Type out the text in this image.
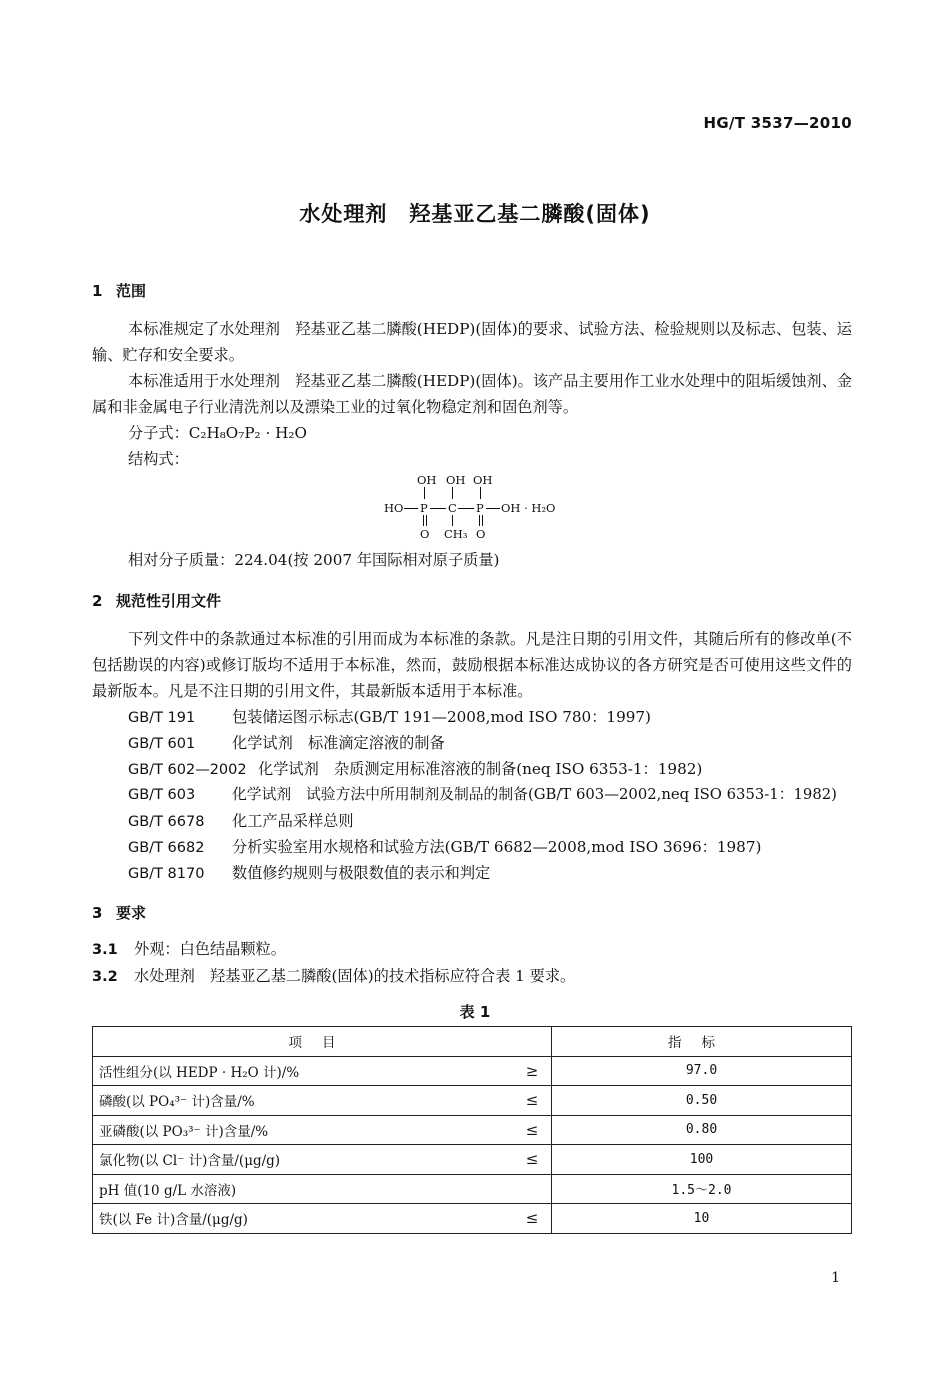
HG/T 3537—2010
水处理剂　羟基亚乙基二膦酸(固体)
1 范围
本标准规定了水处理剂　羟基亚乙基二膦酸(HEDP)(固体)的要求、试验方法、检验规则以及标志、包装、运输、贮存和安全要求。
本标准适用于水处理剂　羟基亚乙基二膦酸(HEDP)(固体)。该产品主要用作工业水处理中的阻垢缓蚀剂、金属和非金属电子行业清洗剂以及漂染工业的过氧化物稳定剂和固色剂等。
分子式：C₂H₈O₇P₂ · H₂O
结构式：
OH OH OH
HO P C P OH · H₂O
O CH₃ O
相对分子质量：224.04(按 2007 年国际相对原子质量)
2 规范性引用文件
下列文件中的条款通过本标准的引用而成为本标准的条款。凡是注日期的引用文件，其随后所有的修改单(不包括勘误的内容)或修订版均不适用于本标准，然而，鼓励根据本标准达成协议的各方研究是否可使用这些文件的最新版本。凡是不注日期的引用文件，其最新版本适用于本标准。
GB/T 191 包装储运图示标志(GB/T 191—2008,mod ISO 780：1997)
GB/T 601 化学试剂　标准滴定溶液的制备
GB/T 602—2002 化学试剂　杂质测定用标准溶液的制备(neq ISO 6353-1：1982)
GB/T 603 化学试剂　试验方法中所用制剂及制品的制备(GB/T 603—2002,neq ISO 6353-1：1982)
GB/T 6678 化工产品采样总则
GB/T 6682 分析实验室用水规格和试验方法(GB/T 6682—2008,mod ISO 3696：1987)
GB/T 8170 数值修约规则与极限数值的表示和判定
3 要求
3.1 外观：白色结晶颗粒。
3.2 水处理剂　羟基亚乙基二膦酸(固体)的技术指标应符合表 1 要求。
表 1
项目		指标
活性组分(以 HEDP · H₂O 计)/%	≥	97.0
磷酸(以 PO₄³⁻ 计)含量/%	≤	0.50
亚磷酸(以 PO₃³⁻ 计)含量/%	≤	0.80
氯化物(以 Cl⁻ 计)含量/(μg/g)	≤	100
pH 值(10 g/L 水溶液)		1.5～2.0
铁(以 Fe 计)含量/(μg/g)	≤	10
1
